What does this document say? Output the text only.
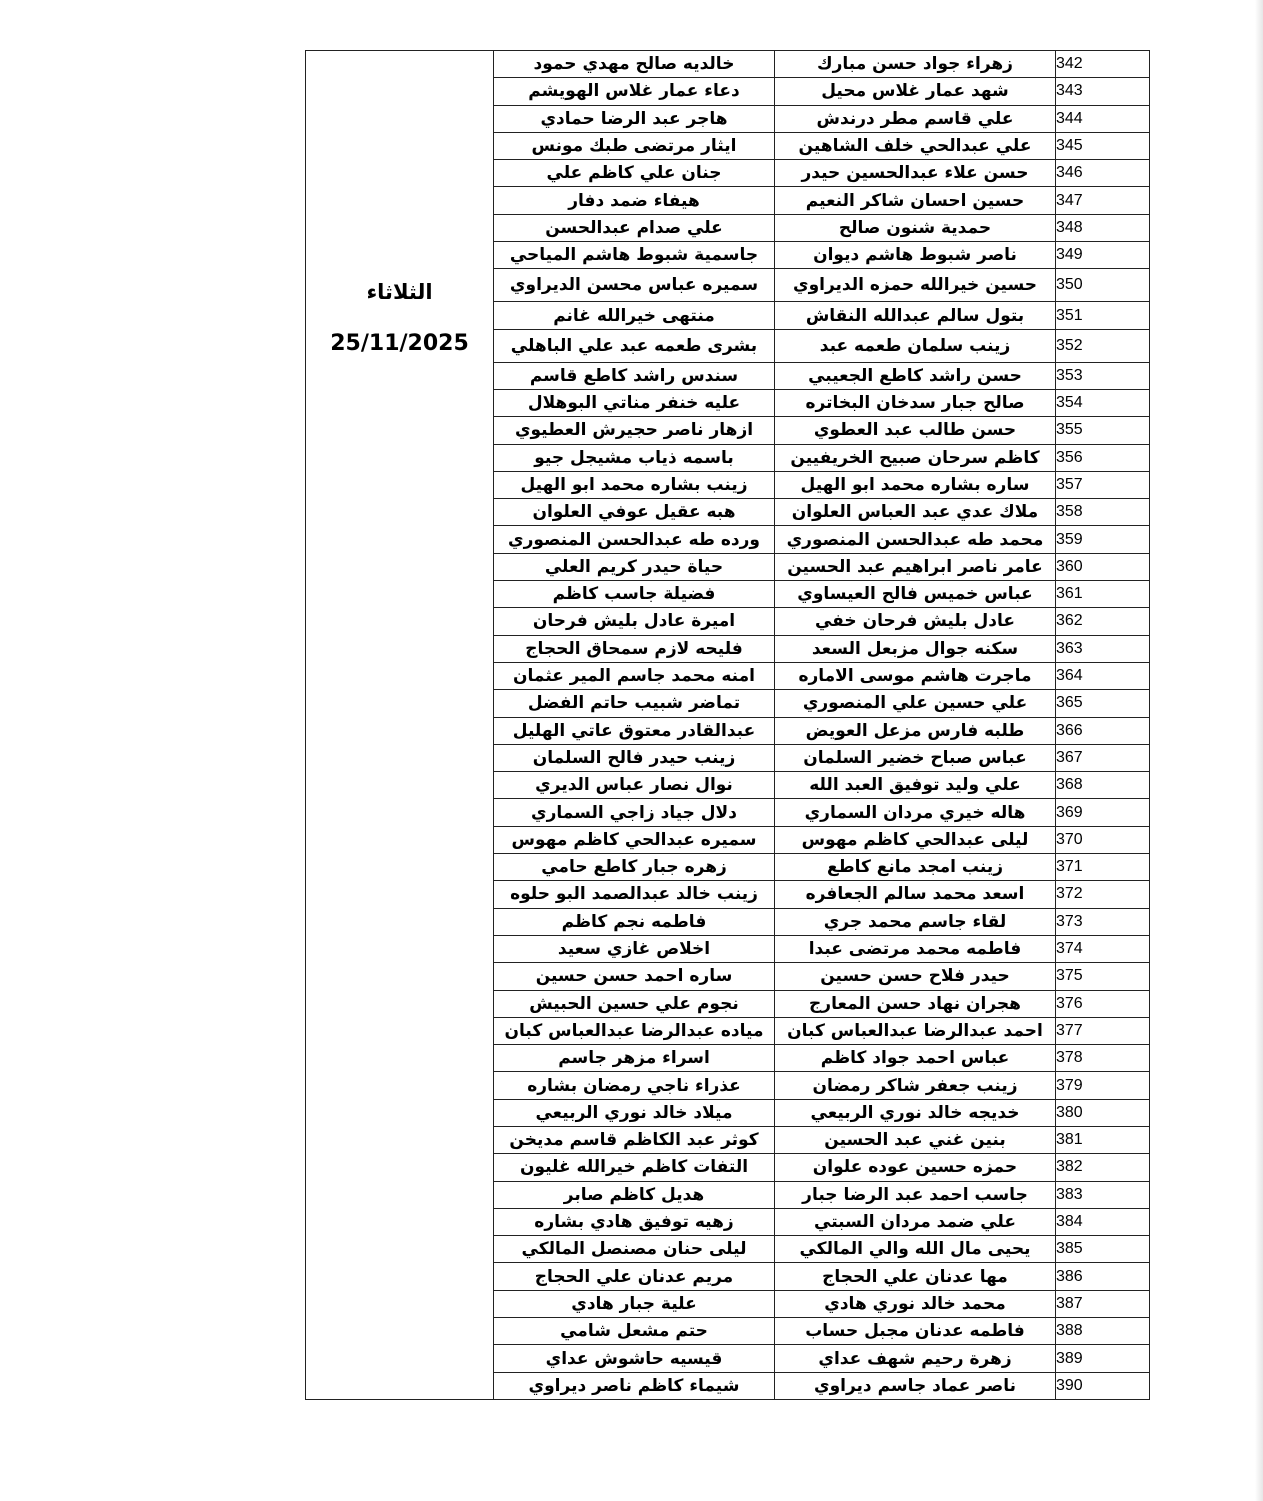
الثلاثاء
25/11/2025	خالديه صالح مهدي حمود	زهراء جواد حسن مبارك	342
	دعاء عمار غلاس الهويشم	شهد عمار غلاس محيل	343
	هاجر عبد الرضا حمادي	علي قاسم مطر درندش	344
	ايثار مرتضى طبك مونس	علي عبدالحي خلف الشاهين	345
	جنان علي كاظم علي	حسن علاء عبدالحسين حيدر	346
	هيفاء ضمد دفار	حسين احسان شاكر النعيم	347
	علي صدام عبدالحسن	حمدية شنون صالح	348
	جاسمية شبوط هاشم المياحي	ناصر شبوط هاشم ديوان	349
	سميره عباس محسن الديراوي	حسين خيرالله حمزه الديراوي	350
	منتهى خيرالله غانم	بتول سالم عبدالله النقاش	351
	بشرى طعمه عبد علي الباهلي	زينب سلمان طعمه عبد	352
	سندس راشد كاطع قاسم	حسن راشد كاطع الجعيبي	353
	عليه خنفر مناتي البوهلال	صالح جبار سدخان البخاتره	354
	ازهار ناصر حجيرش العطيوي	حسن طالب عبد العطوي	355
	باسمه ذياب مشيجل جيو	كاظم سرحان صبيح الخريفيين	356
	زينب بشاره محمد ابو الهيل	ساره بشاره محمد ابو الهيل	357
	هبه عقيل عوفي العلوان	ملاك عدي عبد العباس العلوان	358
	ورده طه عبدالحسن المنصوري	محمد طه عبدالحسن المنصوري	359
	حياة حيدر كريم العلي	عامر ناصر ابراهيم عبد الحسين	360
	فضيلة جاسب كاظم	عباس خميس فالح العيساوي	361
	اميرة عادل بليش فرحان	عادل بليش فرحان خفي	362
	فليحه لازم سمحاق الحجاج	سكنه جوال مزبعل السعد	363
	امنه محمد جاسم المير عثمان	ماجرت هاشم موسى الاماره	364
	تماضر شبيب حاتم الفضل	علي حسين علي المنصوري	365
	عبدالقادر معتوق عاتي الهليل	طلبه فارس مزعل العويض	366
	زينب حيدر فالح السلمان	عباس صباح خضير السلمان	367
	نوال نصار عباس الديري	علي وليد توفيق العبد الله	368
	دلال جياد زاجي السماري	هاله خيري مردان السماري	369
	سميره عبدالحي كاظم مهوس	ليلى عبدالحي كاظم مهوس	370
	زهره جبار كاطع حامي	زينب امجد مانع كاطع	371
	زينب خالد عبدالصمد البو حلوه	اسعد محمد سالم الجعافره	372
	فاطمه نجم كاظم	لقاء جاسم محمد جري	373
	اخلاص غازي سعيد	فاطمه محمد مرتضى عبدا	374
	ساره احمد حسن حسين	حيدر فلاح حسن حسين	375
	نجوم علي حسين الحبيش	هجران نهاد حسن المعارج	376
	مياده عبدالرضا عبدالعباس كبان	احمد عبدالرضا عبدالعباس كبان	377
	اسراء مزهر جاسم	عباس احمد جواد كاظم	378
	عذراء ناجي رمضان بشاره	زينب جعفر شاكر رمضان	379
	ميلاد خالد نوري الربيعي	خديجه خالد نوري الربيعي	380
	كوثر عبد الكاظم قاسم مديخن	بنين غني عبد الحسين	381
	التفات كاظم خيرالله غليون	حمزه حسين عوده علوان	382
	هديل كاظم صابر	جاسب احمد عبد الرضا جبار	383
	زهيه توفيق هادي بشاره	علي ضمد مردان السبتي	384
	ليلى حنان مصنصل المالكي	يحيى مال الله والي المالكي	385
	مريم عدنان علي الحجاج	مها عدنان علي الحجاج	386
	علية جبار هادي	محمد خالد نوري هادي	387
	حتم مشعل شامي	فاطمه عدنان مجبل حساب	388
	قيسيه حاشوش عداي	زهرة رحيم شهف عداي	389
	شيماء كاظم ناصر ديراوي	ناصر عماد جاسم ديراوي	390
